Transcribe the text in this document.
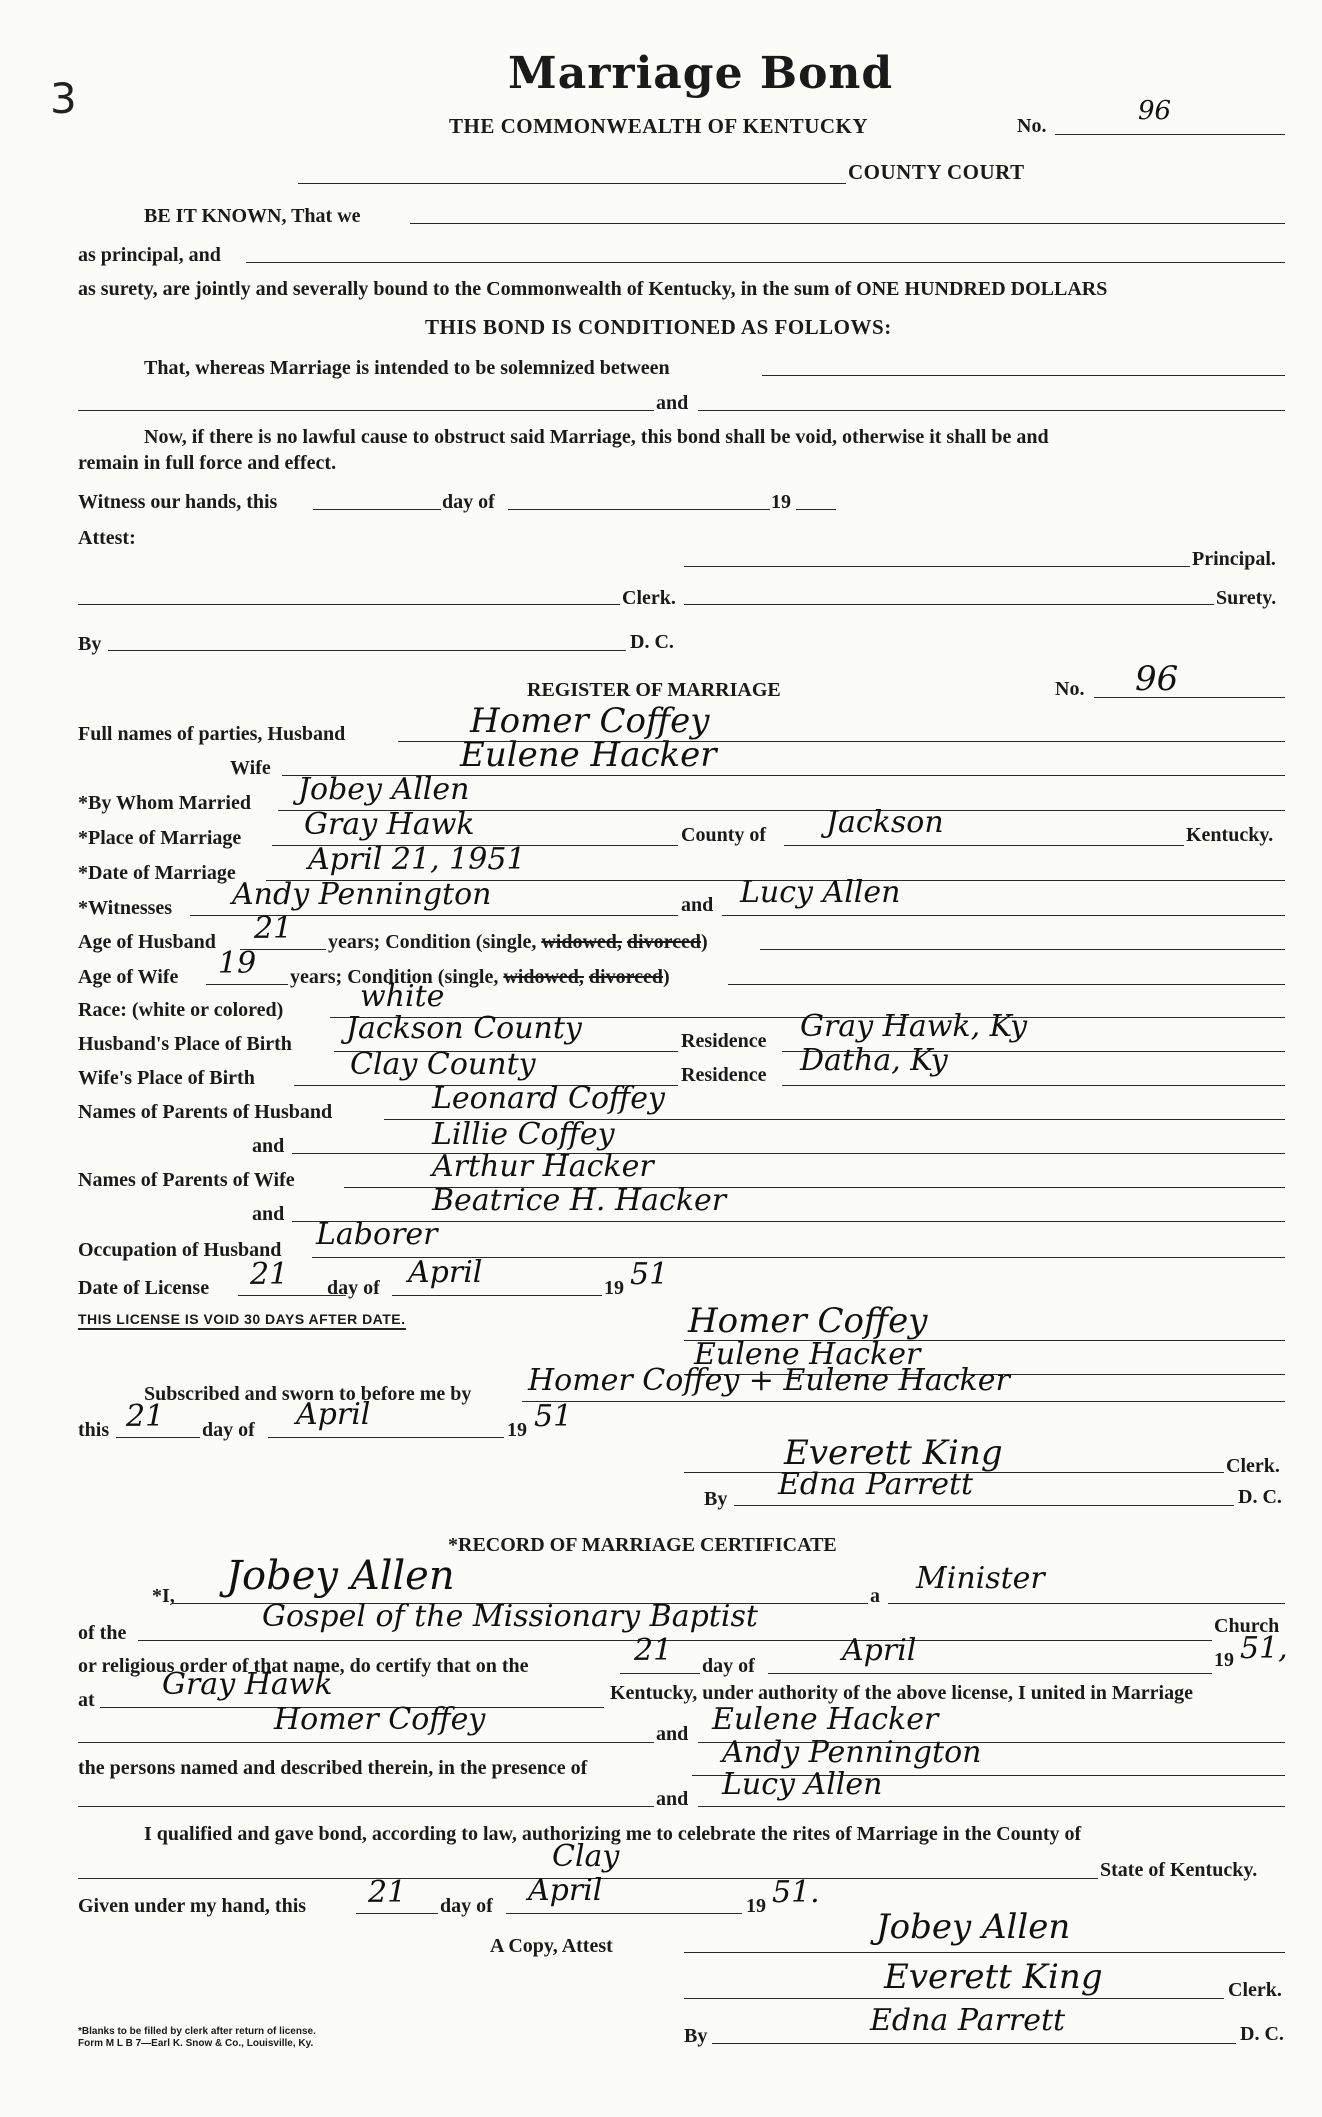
3	Marriage Bond
THE COMMONWEALTH OF KENTUCKY	No.	96
COUNTY COURT
BE IT KNOWN, That we
as principal, and
as surety, are jointly and severally bound to the Commonwealth of Kentucky, in the sum of ONE HUNDRED DOLLARS
THIS BOND IS CONDITIONED AS FOLLOWS:
That, whereas Marriage is intended to be solemnized between
and
Now, if there is no lawful cause to obstruct said Marriage, this bond shall be void, otherwise it shall be and
remain in full force and effect.
Witness our hands, this	day of	19
Attest:
Principal.
Clerk.	Surety.
By	D. C.
REGISTER OF MARRIAGE	No. 96
Full names of parties, Husband	Homer Coffey
Wife	Eulene Hacker
*By Whom Married Jobey Allen
*Place of Marriage Gray Hawk	County of Jackson	Kentucky.
*Date of Marriage April 21, 1951
*Witnesses Andy Pennington	and Lucy Allen
Age of Husband 21 years; Condition (single, widowed, divorced)
Age of Wife 19 years; Condition (single, widowed, divorced)
Race: (white or colored)	white
Husband's Place of Birth Jackson County	Residence Gray Hawk, Ky
Wife's Place of Birth	Clay County	Residence Datha, Ky
Names of Parents of Husband	Leonard Coffey
and	Lillie Coffey
Names of Parents of Wife	Arthur Hacker
and	Beatrice H. Hacker
Occupation of Husband Laborer
Date of License 21 day of April	19 51
THIS LICENSE IS VOID 30 DAYS AFTER DATE.	Homer Coffey
Eulene Hacker
Subscribed and sworn to before me by Homer Coffey + Eulene Hacker
this 21 day of April	19 51
Everett King	Clerk.
By Edna Parrett	D. C.
*RECORD OF MARRIAGE CERTIFICATE
*I, Jobey Allen	a Minister
of the	Gospel of the Missionary Baptist	Church
or religious order of that name, do certify that on the	21 day of	April	19 51,
at Gray Hawk	Kentucky, under authority of the above license, I united in Marriage
Homer Coffey	and Eulene Hacker
the persons named and described therein, in the presence of	Andy Pennington
and Lucy Allen
I qualified and gave bond, according to law, authorizing me to celebrate the rites of Marriage in the County of
Clay	State of Kentucky.
Given under my hand, this 21 day of April	19 51.
A Copy, Attest	Jobey Allen
Everett King	Clerk.
By	Edna Parrett	D. C.
*Blanks to be filled by clerk after return of license.
Form M L B 7—Earl K. Snow & Co., Louisville, Ky.
